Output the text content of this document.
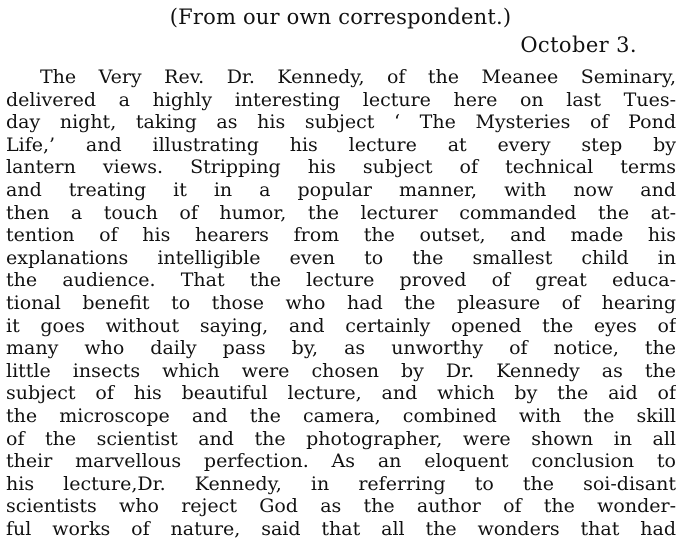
(From our own correspondent.)
October 3.
The Very Rev. Dr. Kennedy, of the Meanee Seminary,
delivered a highly interesting lecture here on last Tues-
day night, taking as his subject ‘ The Mysteries of Pond
Life,’ and illustrating his lecture at every step by
lantern views. Stripping his subject of technical terms
and treating it in a popular manner, with now and
then a touch of humor, the lecturer commanded the at-
tention of his hearers from the outset, and made his
explanations intelligible even to the smallest child in
the audience. That the lecture proved of great educa-
tional benefit to those who had the pleasure of hearing
it goes without saying, and certainly opened the eyes of
many who daily pass by, as unworthy of notice, the
little insects which were chosen by Dr. Kennedy as the
subject of his beautiful lecture, and which by the aid of
the microscope and the camera, combined with the skill
of the scientist and the photographer, were shown in all
their marvellous perfection. As an eloquent conclusion to
his lecture,Dr. Kennedy, in referring to the soi-disant
scientists who reject God as the author of the wonder-
ful works of nature, said that all the wonders that had
